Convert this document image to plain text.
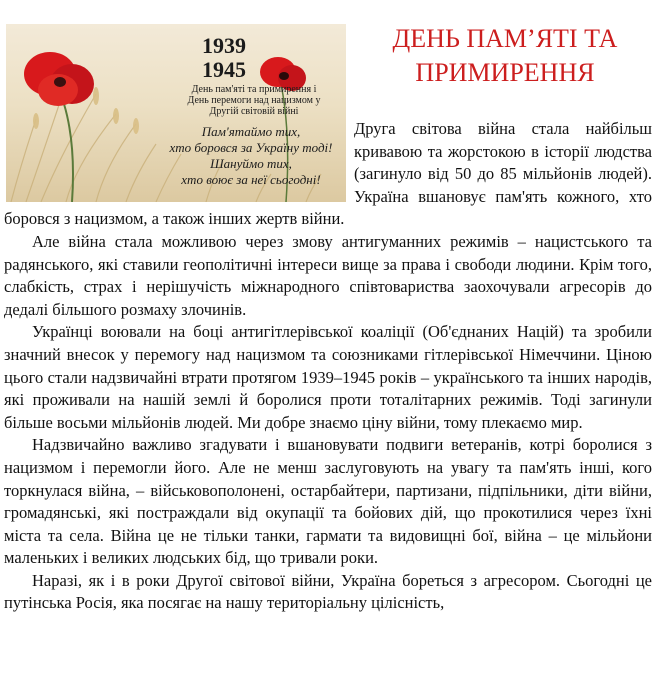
1939
1945
День пам'яті та примирення і
День перемоги над нацизмом у
Другій світовій війні
Пам'ятаймо тих,
хто боровся за Україну тоді!
Шануймо тих,
хто воює за неї сьогодні!
ДЕНЬ ПАМ’ЯТІ ТА
ПРИМИРЕННЯ

Друга світова війна стала найбільш кривавою та жорстокою в історії людства (загинуло від 50 до 85 мільйонів людей). Україна вшановує пам'ять кожного, хто боровся з нацизмом, а також інших жертв війни.

Але війна стала можливою через змову антигуманних режимів – нацистського та радянського, які ставили геополітичні інтереси вище за права і свободи людини. Крім того, слабкість, страх і нерішучість міжнародного співтовариства заохочували агресорів до дедалі більшого розмаху злочинів.

Українці воювали на боці антигітлерівської коаліції (Об'єднаних Націй) та зробили значний внесок у перемогу над нацизмом та союзниками гітлерівської Німеччини. Ціною цього стали надзвичайні втрати протягом 1939–1945 років – українського та інших народів, які проживали на нашій землі й боролися проти тоталітарних режимів. Тоді загинули більше восьми мільйонів людей. Ми добре знаємо ціну війни, тому плекаємо мир.

Надзвичайно важливо згадувати і вшановувати подвиги ветеранів, котрі боролися з нацизмом і перемогли його. Але не менш заслуговують на увагу та пам'ять інші, кого торкнулася війна, – військовополонені, остарбайтери, партизани, підпільники, діти війни, громадянські, які постраждали від окупації та бойових дій, що прокотилися через їхні міста та села. Війна це не тільки танки, гармати та видовищні бої, війна – це мільйони маленьких і великих людських бід, що тривали роки.

Наразі, як і в роки Другої світової війни, Україна бореться з агресором. Сьогодні це путінська Росія, яка посягає на нашу територіальну цілісність,
